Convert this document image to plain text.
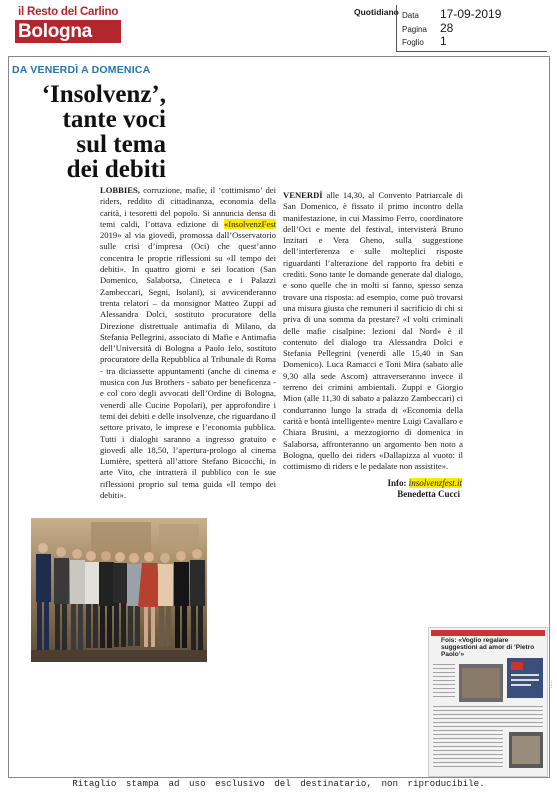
il Resto del Carlino
Bologna
Quotidiano Data 17-09-2019
Pagina 28
Foglio 1
DA VENERDÌ A DOMENICA
‘Insolvenz’,
tante voci
sul tema
dei debiti

LOBBIES, corruzione, mafie, il ‘cottimismo’ dei riders, reddito di cittadinanza, economia della carità, i tesoretti del popolo. Si annuncia densa di temi caldi, l’ottava edizione di «InsolvenzFest 2019» al via giovedì, promossa dall’Osservatorio sulle crisi d’impresa (Oci) che quest’anno concentra le proprie riflessioni su «Il tempo dei debiti». In quattro giorni e sei location (San Domenico, Salaborsa, Cineteca e i Palazzi Zambeccari, Segni, Isolani), si avvicenderanno trenta relatori – da monsignor Matteo Zuppi ad Alessandra Dolci, sostituto procuratore della Direzione distrettuale antimafia di Milano, da Stefania Pellegrini, associato di Mafie e Antimafia dell’Università di Bologna a Paolo Ielo, sostituto procuratore della Repubblica al Tribunale di Roma - tra diciassette appuntamenti (anche di cinema e musica con Jus Brothers - sabato per beneficenza - e col coro degli avvocati dell’Ordine di Bologna, venerdì alle Cucine Popolari), per approfondire i temi dei debiti e delle insolvenze, che riguardano il settore privato, le imprese e l’economia pubblica. Tutti i dialoghi saranno a ingresso gratuito e giovedì alle 18,50, l’apertura-prologo al cinema Lumière, spetterà all’attore Stefano Bicocchi, in arte Vito, che intratterà il pubblico con le sue riflessioni proprio sul tema guida «Il tempo dei debiti».

VENERDÌ alle 14,30, al Convento Patriarcale di San Domenico, è fissato il primo incontro della manifestazione, in cui Massimo Ferro, coordinatore dell’Oci e mente del festival, intervisterà Bruno Inzitari e Vera Gheno, sulla suggestione dell’interferenza e sulle molteplici risposte riguardanti l’alterazione del rapporto fra debiti e crediti. Sono tante le domande generate dal dialogo, e sono quelle che in molti si fanno, spesso senza trovare una risposta: ad esempio, come può trovarsi una misura giusta che remuneri il sacrificio di chi si priva di una somma da prestare? «I volti criminali delle mafie cisalpine: lezioni dal Nord» è il contenuto del dialogo tra Alessandra Dolci e Stefania Pellegrini (venerdì alle 15,40 in San Domenico). Luca Ramacci e Toni Mira (sabato alle 9,30 alla sede Ascom) attraverseranno invece il terreno dei crimini ambientali. Zuppi e Giorgio Mion (alle 11,30 di sabato a palazzo Zambeccari) ci condurranno lungo la strada di «Economia della carità e bontà intelligente» mentre Luigi Cavallaro e Chiara Brusini, a mezzogiorno di domenica in Salaborsa, affronteranno un argomento ben noto a Bologna, quello dei riders «Dallapizza al vuoto: il cottimismo di riders e le pedalate non assistite».

Info: insolvenzfest.it
Benedetta Cucci
Fois: «Voglio regalare suggestioni ad amor di ‘Pietro Paolo’»
·····
Ritaglio stampa ad uso esclusivo del destinatario, non riproducibile.
